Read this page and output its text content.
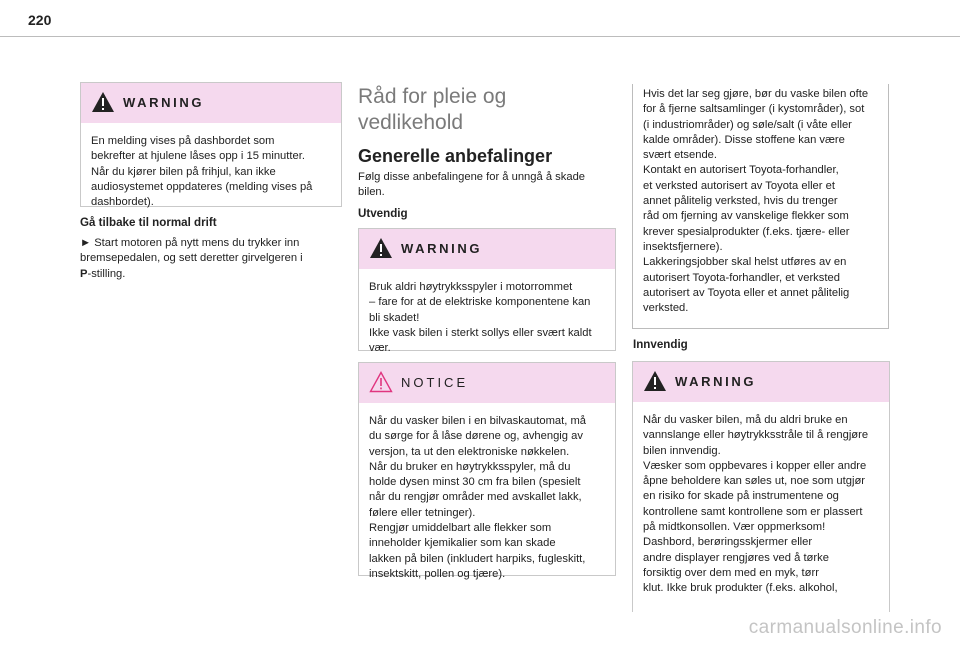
220
WARNING
En melding vises på dashbordet som
bekrefter at hjulene låses opp i 15 minutter.
Når du kjører bilen på frihjul, kan ikke
audiosystemet oppdateres (melding vises på
dashbordet).
Gå tilbake til normal drift
► Start motoren på nytt mens du trykker inn
bremsepedalen, og sett deretter girvelgeren i
P-stilling.
Råd for pleie og
vedlikehold
Generelle anbefalinger
Følg disse anbefalingene for å unngå å skade
bilen.
Utvendig
WARNING
Bruk aldri høytrykksspyler i motorrommet
– fare for at de elektriske komponentene kan
bli skadet!
Ikke vask bilen i sterkt sollys eller svært kaldt
vær.
NOTICE
Når du vasker bilen i en bilvaskautomat, må
du sørge for å låse dørene og, avhengig av
versjon, ta ut den elektroniske nøkkelen.
Når du bruker en høytrykksspyler, må du
holde dysen minst 30 cm fra bilen (spesielt
når du rengjør områder med avskallet lakk,
følere eller tetninger).
Rengjør umiddelbart alle flekker som
inneholder kjemikalier som kan skade
lakken på bilen (inkludert harpiks, fugleskitt,
insektskitt, pollen og tjære).
Hvis det lar seg gjøre, bør du vaske bilen ofte
for å fjerne saltsamlinger (i kystområder), sot
(i industriområder) og søle/salt (i våte eller
kalde områder). Disse stoffene kan være
svært etsende.
Kontakt en autorisert Toyota-forhandler,
et verksted autorisert av Toyota eller et
annet pålitelig verksted, hvis du trenger
råd om fjerning av vanskelige flekker som
krever spesialprodukter (f.eks. tjære- eller
insektsfjernere).
Lakkeringsjobber skal helst utføres av en
autorisert Toyota-forhandler, et verksted
autorisert av Toyota eller et annet pålitelig
verksted.
Innvendig
WARNING
Når du vasker bilen, må du aldri bruke en
vannslange eller høytrykksstråle til å rengjøre
bilen innvendig.
Væsker som oppbevares i kopper eller andre
åpne beholdere kan søles ut, noe som utgjør
en risiko for skade på instrumentene og
kontrollene samt kontrollene som er plassert
på midtkonsollen. Vær oppmerksom!
Dashbord, berøringsskjermer eller
andre displayer rengjøres ved å tørke
forsiktig over dem med en myk, tørr
klut. Ikke bruk produkter (f.eks. alkohol,
carmanualsonline.info
